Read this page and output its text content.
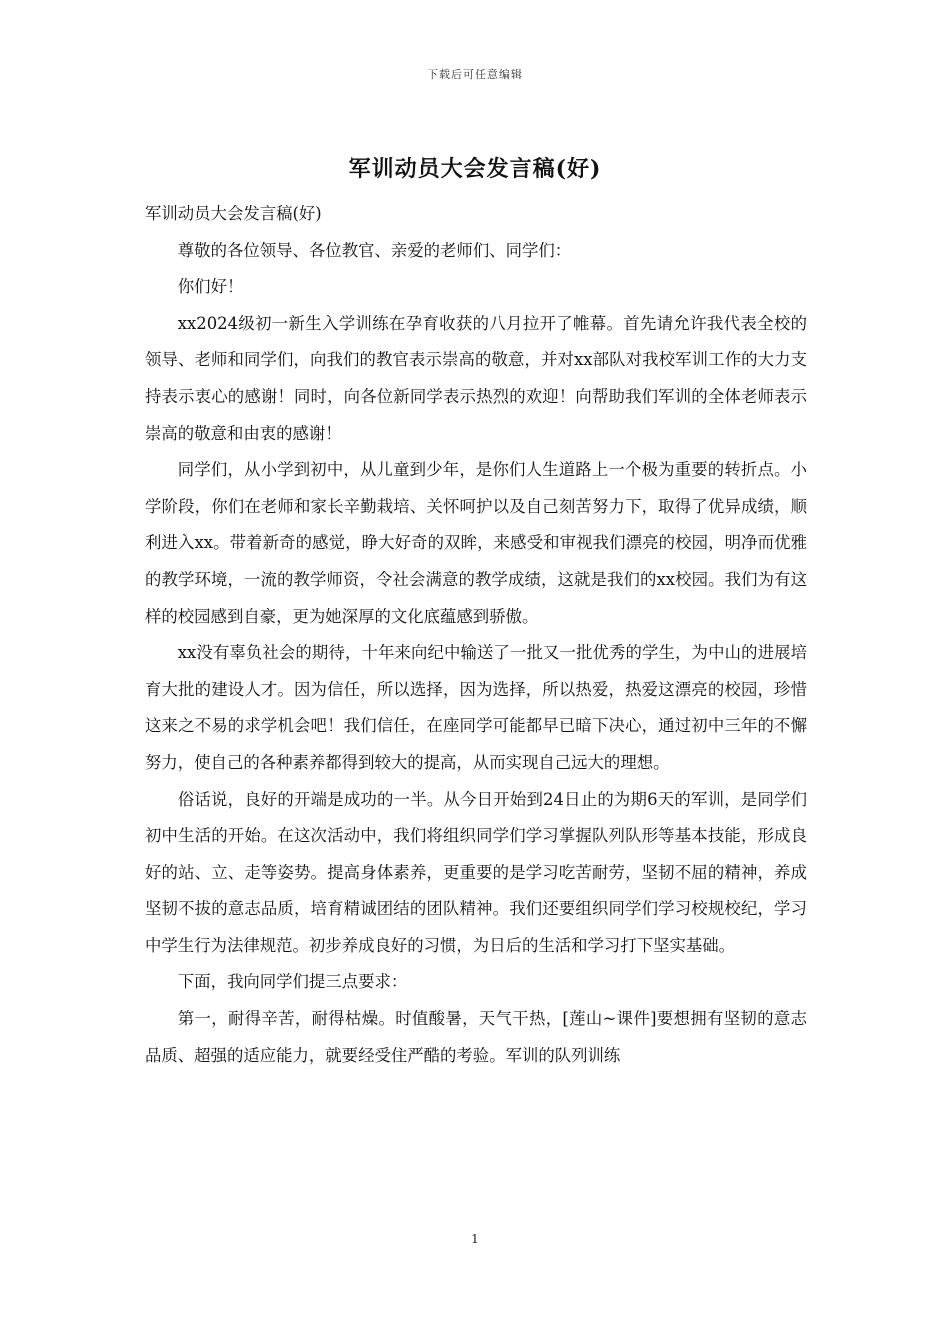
下载后可任意编辑
军训动员大会发言稿(好)

军训动员大会发言稿(好)

尊敬的各位领导、各位教官、亲爱的老师们、同学们：

你们好！

xx2024级初一新生入学训练在孕育收获的八月拉开了帷幕。首先请允许我代表全校的领导、老师和同学们，向我们的教官表示崇高的敬意，并对xx部队对我校军训工作的大力支持表示衷心的感谢！同时，向各位新同学表示热烈的欢迎！向帮助我们军训的全体老师表示崇高的敬意和由衷的感谢！

同学们，从小学到初中，从儿童到少年，是你们人生道路上一个极为重要的转折点。小学阶段，你们在老师和家长辛勤栽培、关怀呵护以及自己刻苦努力下，取得了优异成绩，顺利进入xx。带着新奇的感觉，睁大好奇的双眸，来感受和审视我们漂亮的校园，明净而优雅的教学环境，一流的教学师资，令社会满意的教学成绩，这就是我们的xx校园。我们为有这样的校园感到自豪，更为她深厚的文化底蕴感到骄傲。

xx没有辜负社会的期待，十年来向纪中输送了一批又一批优秀的学生，为中山的进展培育大批的建设人才。因为信任，所以选择，因为选择，所以热爱，热爱这漂亮的校园，珍惜这来之不易的求学机会吧！我们信任，在座同学可能都早已暗下决心，通过初中三年的不懈努力，使自己的各种素养都得到较大的提高，从而实现自己远大的理想。

俗话说，良好的开端是成功的一半。从今日开始到24日止的为期6天的军训，是同学们初中生活的开始。在这次活动中，我们将组织同学们学习掌握队列队形等基本技能，形成良好的站、立、走等姿势。提高身体素养，更重要的是学习吃苦耐劳，坚韧不屈的精神，养成坚韧不拔的意志品质，培育精诚团结的团队精神。我们还要组织同学们学习校规校纪，学习中学生行为法律规范。初步养成良好的习惯，为日后的生活和学习打下坚实基础。

下面，我向同学们提三点要求：

第一，耐得辛苦，耐得枯燥。时值酸暑，天气干热，[莲山~课件]要想拥有坚韧的意志品质、超强的适应能力，就要经受住严酷的考验。军训的队列训练

1
